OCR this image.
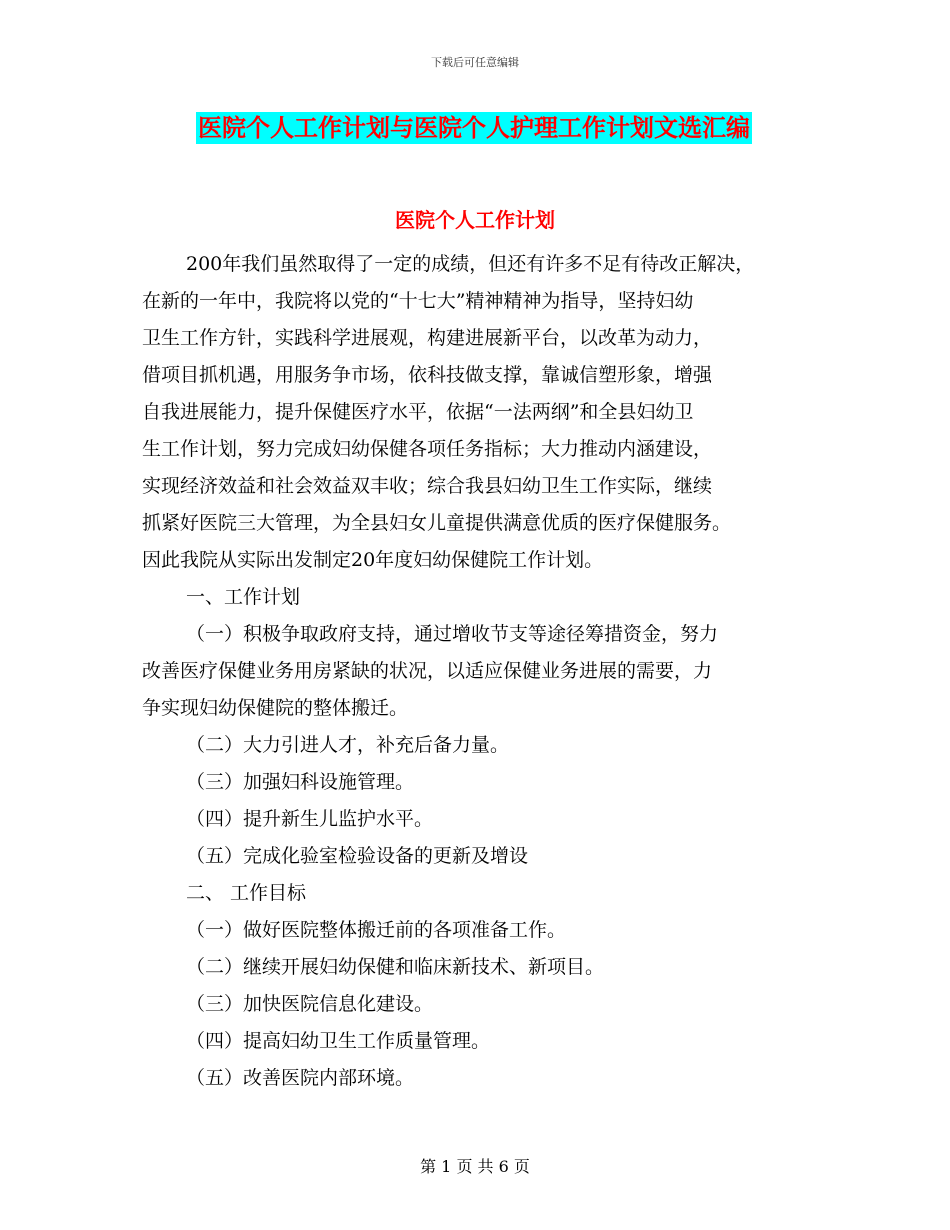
下载后可任意编辑
医院个人工作计划与医院个人护理工作计划文选汇编
医院个人工作计划
200年我们虽然取得了一定的成绩，但还有许多不足有待改正解决，
在新的一年中，我院将以党的“十七大”精神精神为指导，坚持妇幼
卫生工作方针，实践科学进展观，构建进展新平台，以改革为动力，
借项目抓机遇，用服务争市场，依科技做支撑，靠诚信塑形象，增强
自我进展能力，提升保健医疗水平，依据“一法两纲”和全县妇幼卫
生工作计划，努力完成妇幼保健各项任务指标；大力推动内涵建设，
实现经济效益和社会效益双丰收；综合我县妇幼卫生工作实际，继续
抓紧好医院三大管理，为全县妇女儿童提供满意优质的医疗保健服务。
因此我院从实际出发制定20年度妇幼保健院工作计划。
一、工作计划
（一）积极争取政府支持，通过增收节支等途径筹措资金，努力
改善医疗保健业务用房紧缺的状况，以适应保健业务进展的需要，力
争实现妇幼保健院的整体搬迁。
（二）大力引进人才，补充后备力量。
（三）加强妇科设施管理。
（四）提升新生儿监护水平。
（五）完成化验室检验设备的更新及增设
二、 工作目标
（一）做好医院整体搬迁前的各项准备工作。
（二）继续开展妇幼保健和临床新技术、新项目。
（三）加快医院信息化建设。
（四）提高妇幼卫生工作质量管理。
（五）改善医院内部环境。
第 1 页 共 6 页
